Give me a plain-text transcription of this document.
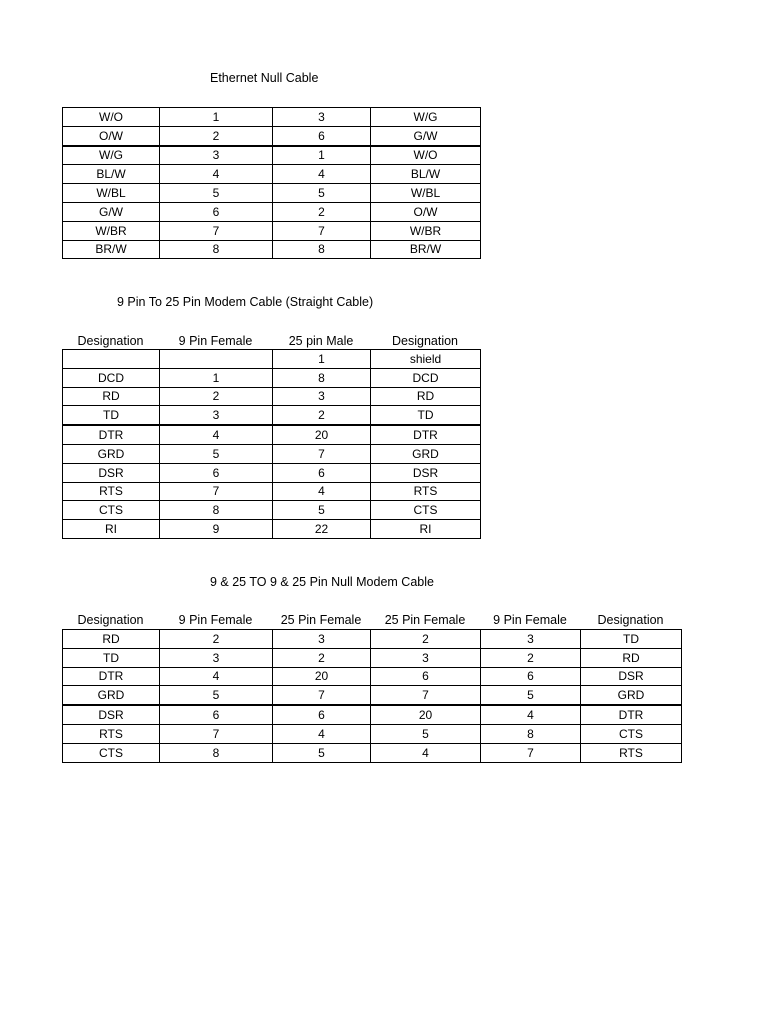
Ethernet Null Cable
W/O	1	3	W/G
O/W	2	6	G/W
W/G	3	1	W/O
BL/W	4	4	BL/W
W/BL	5	5	W/BL
G/W	6	2	O/W
W/BR	7	7	W/BR
BR/W	8	8	BR/W
9 Pin To 25 Pin Modem Cable (Straight Cable)
Designation	9 Pin Female	25 pin Male	Designation
		1	shield
DCD	1	8	DCD
RD	2	3	RD
TD	3	2	TD
DTR	4	20	DTR
GRD	5	7	GRD
DSR	6	6	DSR
RTS	7	4	RTS
CTS	8	5	CTS
RI	9	22	RI
9 & 25 TO 9 & 25 Pin Null Modem Cable
Designation	9 Pin Female	25 Pin Female	25 Pin Female	9 Pin Female	Designation
RD	2	3	2	3	TD
TD	3	2	3	2	RD
DTR	4	20	6	6	DSR
GRD	5	7	7	5	GRD
DSR	6	6	20	4	DTR
RTS	7	4	5	8	CTS
CTS	8	5	4	7	RTS
